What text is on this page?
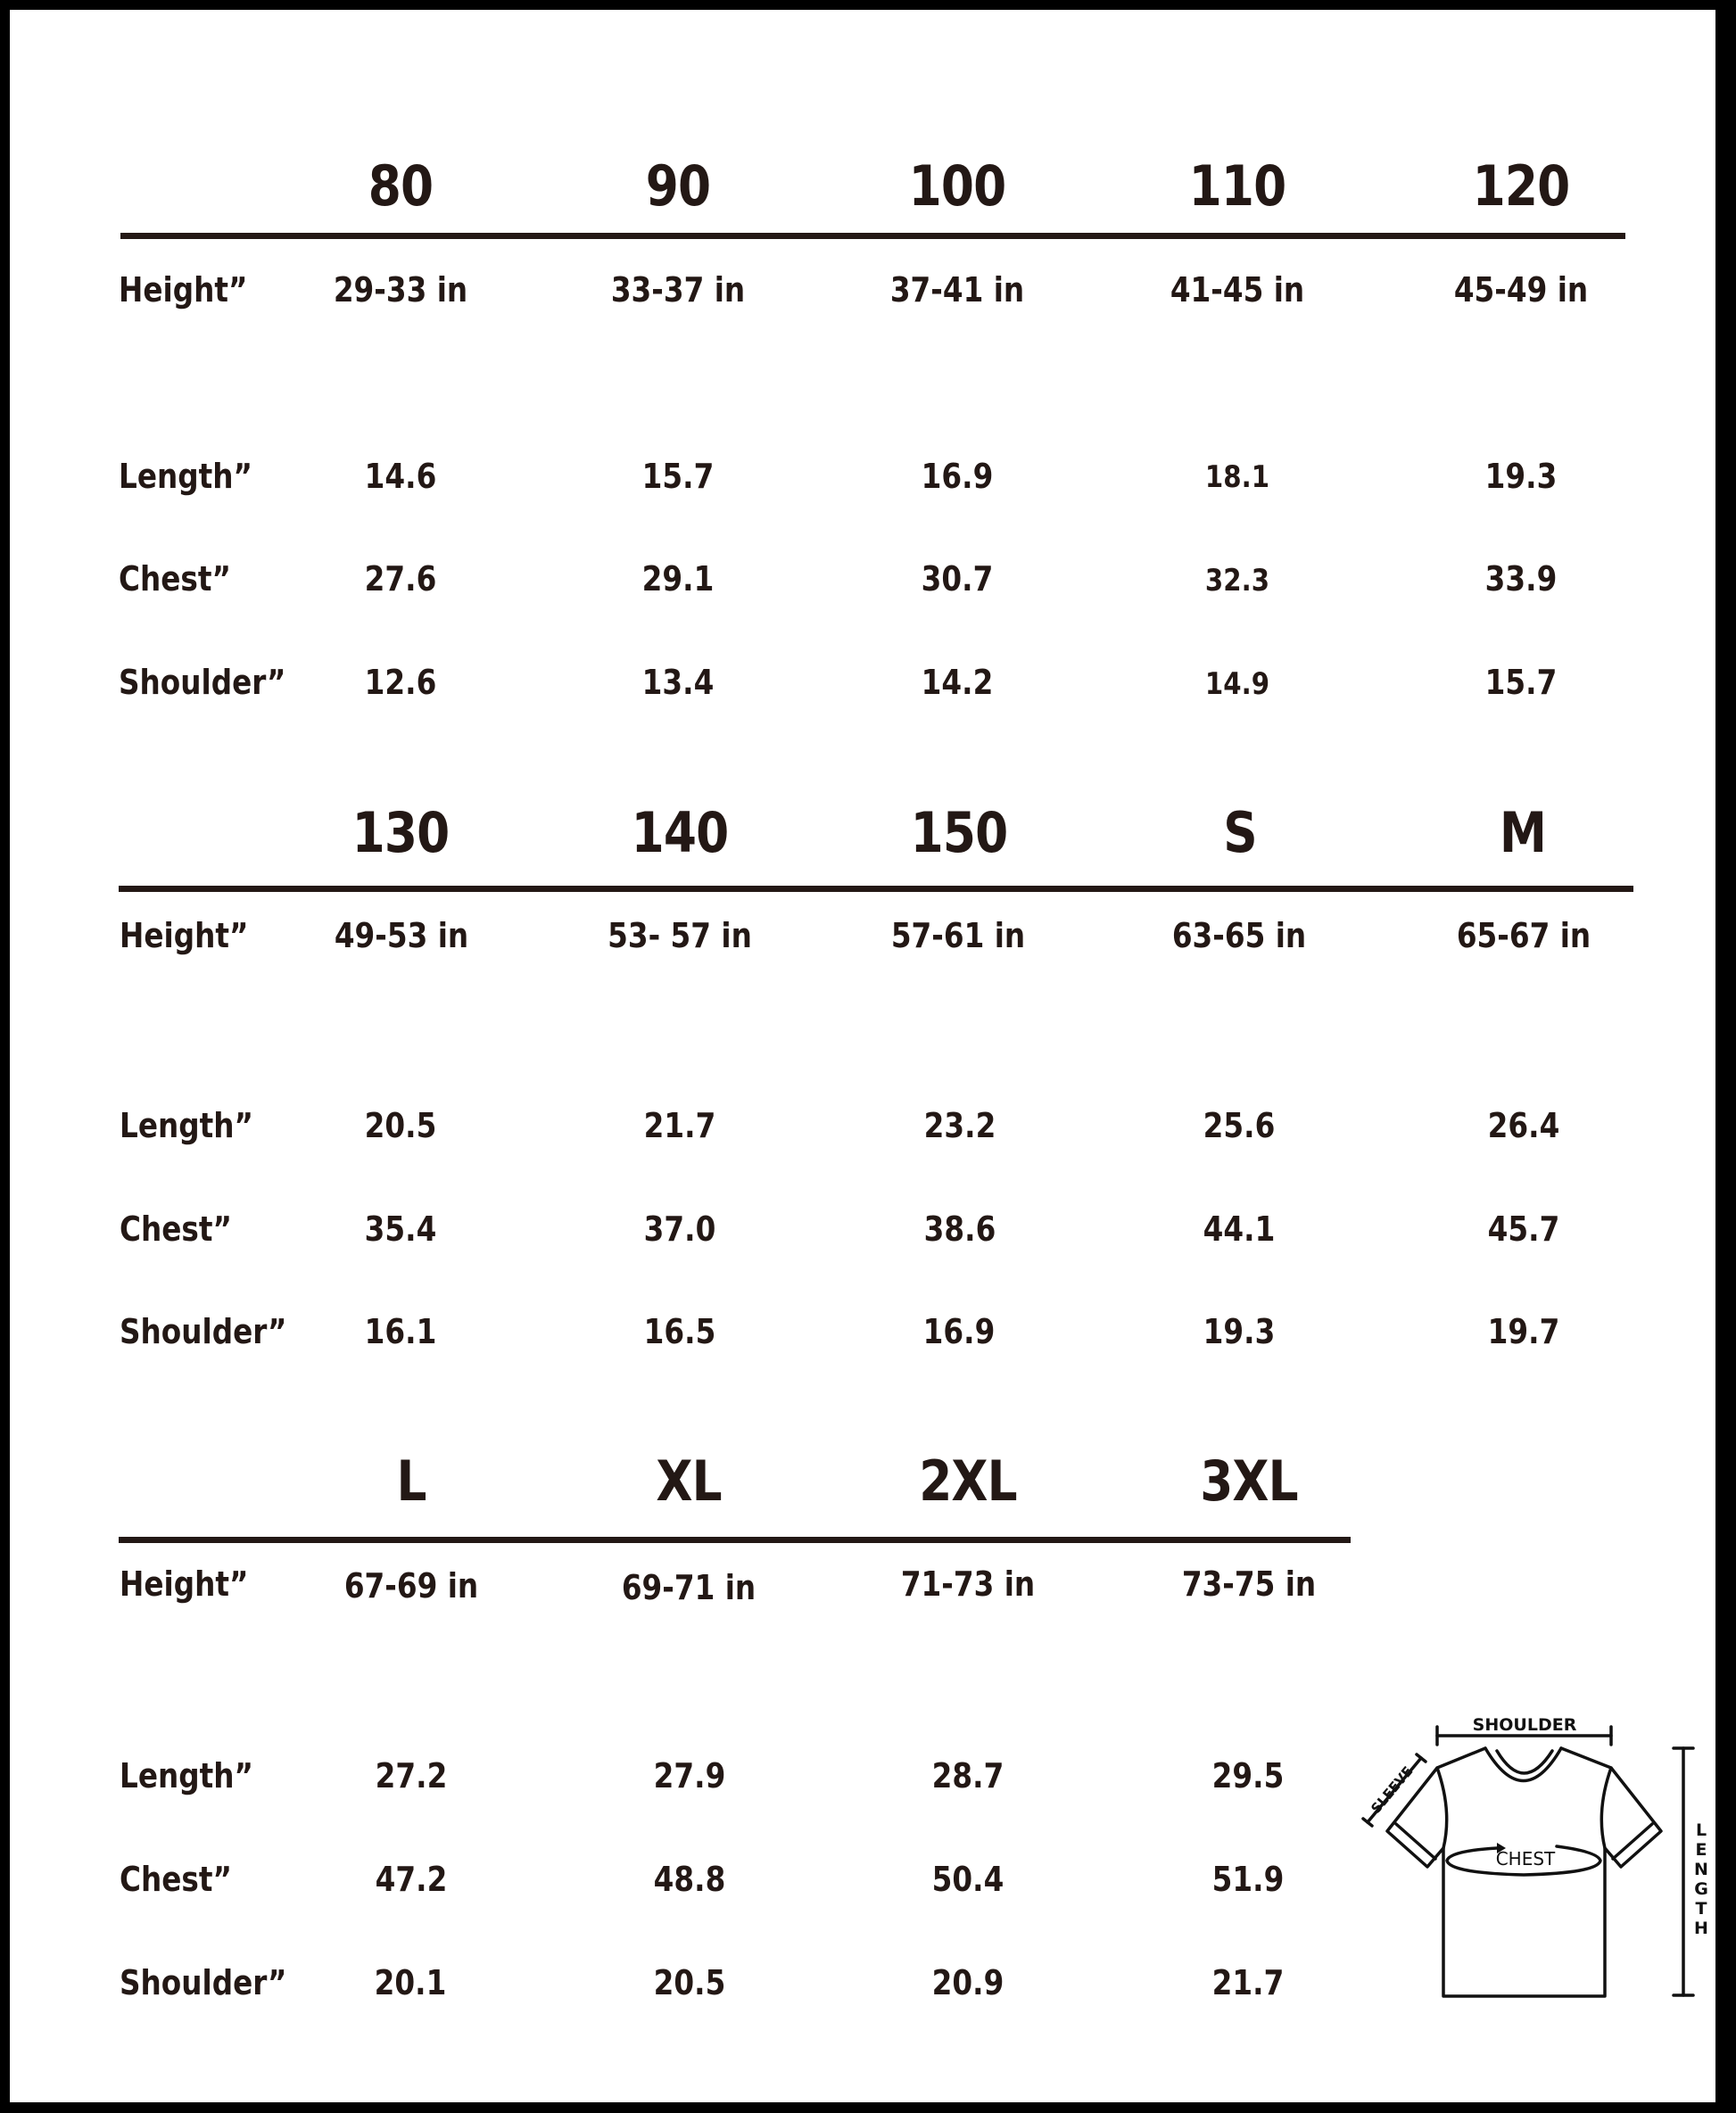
80	90	100	110	120
Height”	29-33 in	33-37 in	37-41 in	41-45 in	45-49 in
Length”	14.6	15.7	16.9	18.1	19.3
Chest”	27.6	29.1	30.7	32.3	33.9
Shoulder” 12.6	13.4	14.2	14.9	15.7
130	140	150	S	M
Height”	49-53 in	53- 57 in	57-61 in	63-65 in	65-67 in
Length”	20.5	21.7	23.2	25.6	26.4
Chest”	35.4	37.0	38.6	44.1	45.7
Shoulder” 16.1	16.5	16.9	19.3	19.7
L	XL	2XL	3XL
Height”	67-69 in	69-71 in	71-73 in	73-75 in
Length”	27.2	27.9	28.7	29.5
Chest”	47.2	48.8	50.4	51.9
Shoulder”	20.1	20.5	20.9	21.7
SHOULDER
CHEST
SLEEVE
L
E
N
G
T
H
